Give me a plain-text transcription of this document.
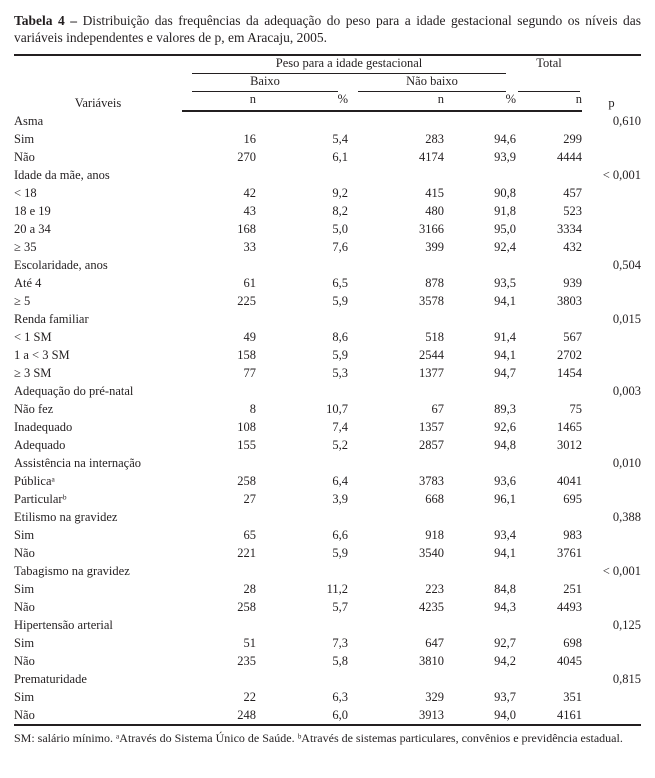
Tabela 4 – Distribuição das frequências da adequação do peso para a idade gestacional segundo os níveis das variáveis independentes e valores de p, em Aracaju, 2005.

Variáveis	Peso para a idade gestacional				Total	p

	Baixo		Não baixo			

	n	%	n	%	n	
Asma						0,610
Sim	16	5,4	283	94,6	299	
Não	270	6,1	4174	93,9	4444	
Idade da mãe, anos						< 0,001
< 18	42	9,2	415	90,8	457	
18 e 19	43	8,2	480	91,8	523	
20 a 34	168	5,0	3166	95,0	3334	
≥ 35	33	7,6	399	92,4	432	
Escolaridade, anos						0,504
Até 4	61	6,5	878	93,5	939	
≥ 5	225	5,9	3578	94,1	3803	
Renda familiar						0,015
< 1 SM	49	8,6	518	91,4	567	
1 a < 3 SM	158	5,9	2544	94,1	2702	
≥ 3 SM	77	5,3	1377	94,7	1454	
Adequação do pré-natal						0,003
Não fez	8	10,7	67	89,3	75	
Inadequado	108	7,4	1357	92,6	1465	
Adequado	155	5,2	2857	94,8	3012	
Assistência na internação						0,010
Públicaᵃ	258	6,4	3783	93,6	4041	
Particularᵇ	27	3,9	668	96,1	695	
Etilismo na gravidez						0,388
Sim	65	6,6	918	93,4	983	
Não	221	5,9	3540	94,1	3761	
Tabagismo na gravidez						< 0,001
Sim	28	11,2	223	84,8	251	
Não	258	5,7	4235	94,3	4493	
Hipertensão arterial						0,125
Sim	51	7,3	647	92,7	698	
Não	235	5,8	3810	94,2	4045	
Prematuridade						0,815
Sim	22	6,3	329	93,7	351	
Não	248	6,0	3913	94,0	4161	

SM: salário mínimo. ᵃAtravés do Sistema Único de Saúde. ᵇAtravés de sistemas particulares, convênios e previdência estadual.
